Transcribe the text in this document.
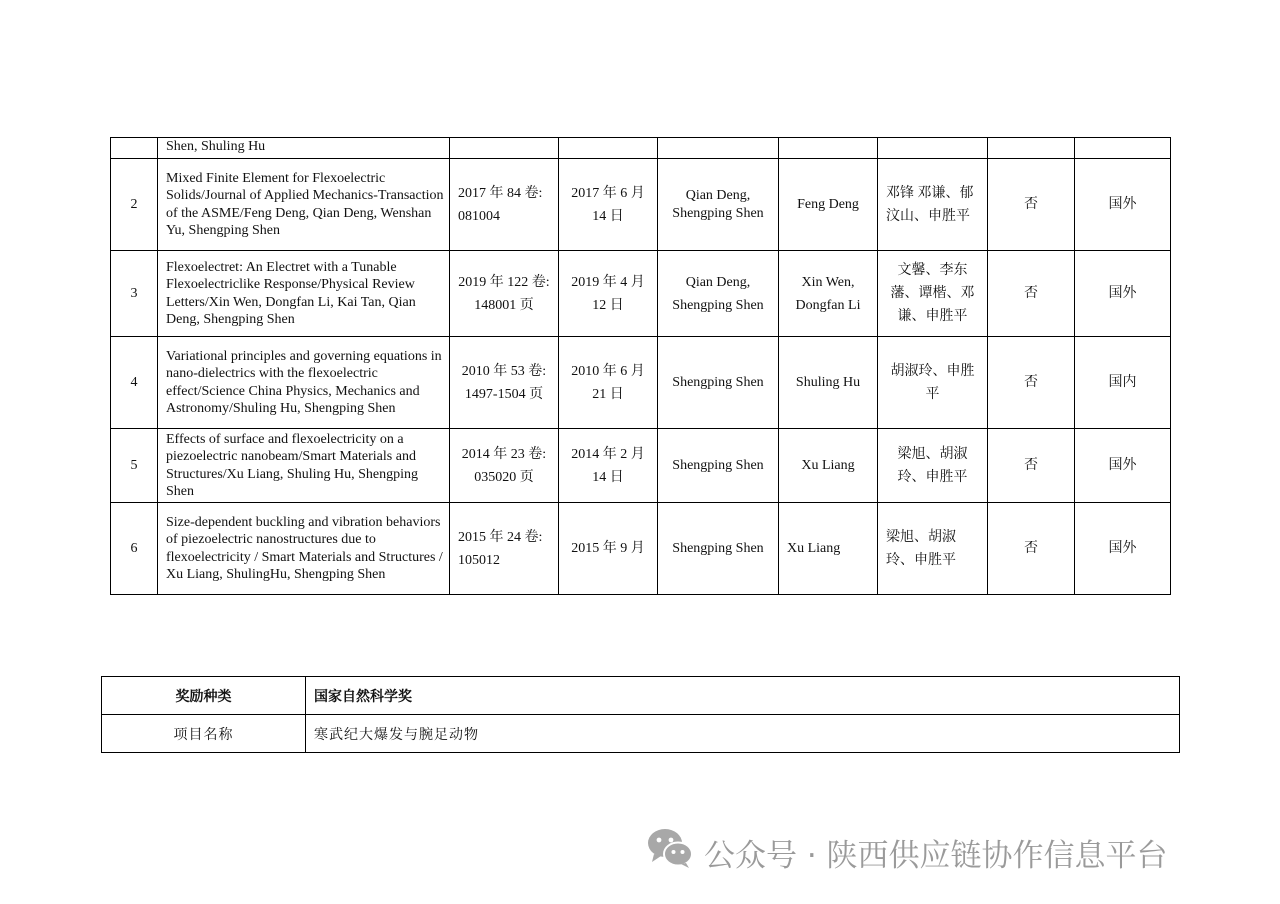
	Shen, Shuling Hu							
2	Mixed Finite Element for Flexoelectric Solids/Journal of Applied Mechanics-Transaction of the ASME/Feng Deng, Qian Deng, Wenshan Yu, Shengping Shen	2017 年 84 卷: 081004	2017 年 6 月 14 日	Qian Deng, Shengping Shen	Feng Deng	邓锋 邓谦、郁汶山、申胜平	否	国外
3	Flexoelectret: An Electret with a Tunable Flexoelectriclike Response/Physical Review Letters/Xin Wen, Dongfan Li, Kai Tan, Qian Deng, Shengping Shen	2019 年 122 卷: 148001 页	2019 年 4 月 12 日	Qian Deng, Shengping Shen	Xin Wen, Dongfan Li	文馨、李东藩、谭楷、邓谦、申胜平	否	国外
4	Variational principles and governing equations in nano-dielectrics with the flexoelectric effect/Science China Physics, Mechanics and Astronomy/Shuling Hu, Shengping Shen	2010 年 53 卷: 1497-1504 页	2010 年 6 月 21 日	Shengping Shen	Shuling Hu	胡淑玲、申胜平	否	国内
5	Effects of surface and flexoelectricity on a piezoelectric nanobeam/Smart Materials and Structures/Xu Liang, Shuling Hu, Shengping Shen	2014 年 23 卷: 035020 页	2014 年 2 月 14 日	Shengping Shen	Xu Liang	梁旭、胡淑玲、申胜平	否	国外
6	Size-dependent buckling and vibration behaviors of piezoelectric nanostructures due to flexoelectricity / Smart Materials and Structures / Xu Liang, ShulingHu, Shengping Shen	2015 年 24 卷: 105012	2015 年 9 月	Shengping Shen	Xu Liang	梁旭、胡淑玲、申胜平	否	国外
奖励种类	国家自然科学奖
项目名称	寒武纪大爆发与腕足动物
公众号 · 陕西供应链协作信息平台
